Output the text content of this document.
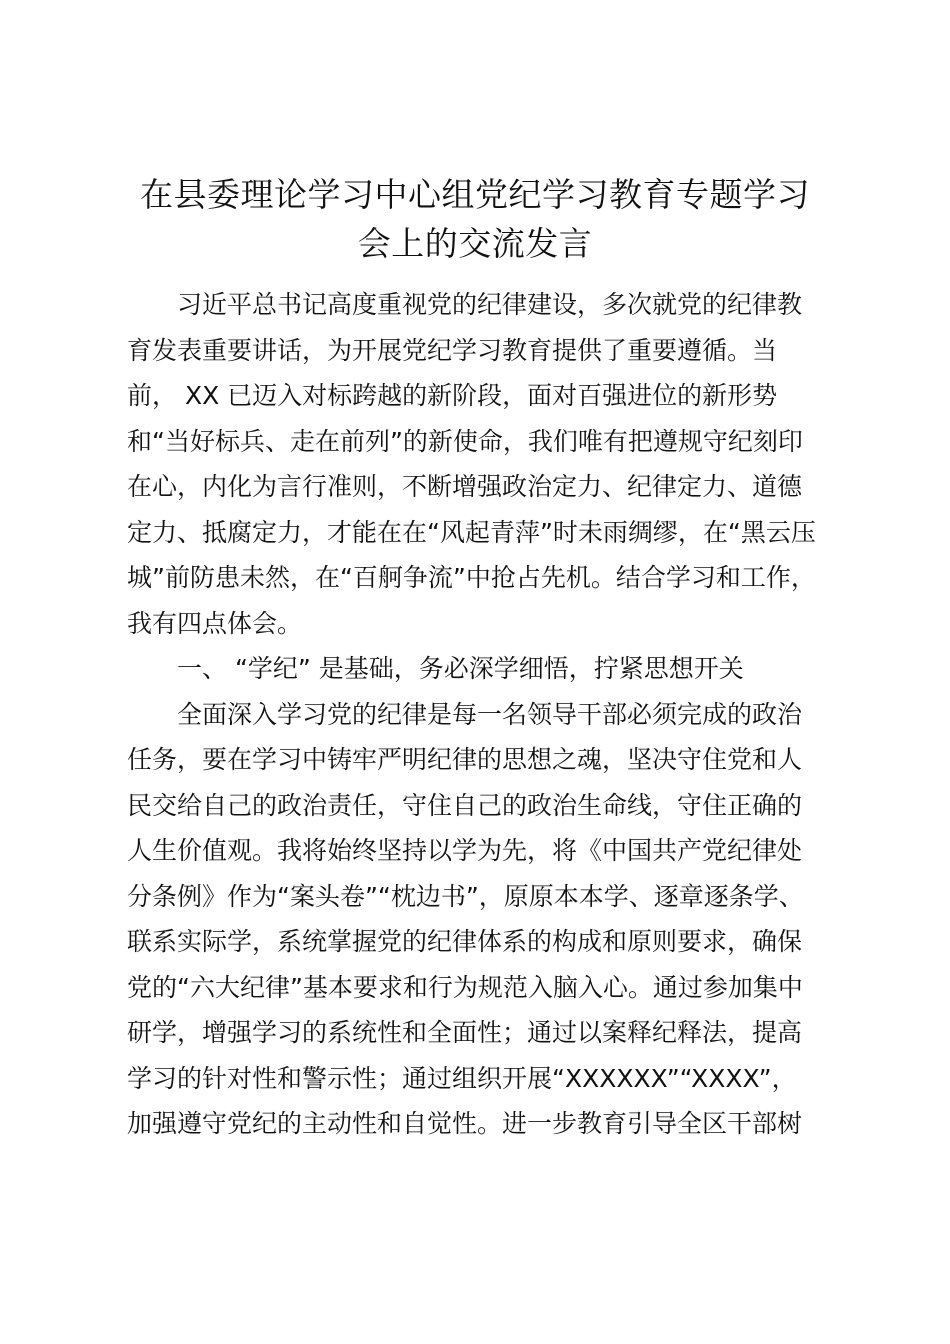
在县委理论学习中心组党纪学习教育专题学习
会上的交流发言
习近平总书记高度重视党的纪律建设，多次就党的纪律教
育发表重要讲话，为开展党纪学习教育提供了重要遵循。当
前， XX 已迈入对标跨越的新阶段，面对百强进位的新形势
和“当好标兵、走在前列”的新使命，我们唯有把遵规守纪刻印
在心，内化为言行准则，不断增强政治定力、纪律定力、道德
定力、抵腐定力，才能在在“风起青萍”时未雨绸缪，在“黑云压
城”前防患未然，在“百舸争流”中抢占先机。结合学习和工作，
我有四点体会。
一、 “学纪” 是基础，务必深学细悟，拧紧思想开关
全面深入学习党的纪律是每一名领导干部必须完成的政治
任务，要在学习中铸牢严明纪律的思想之魂，坚决守住党和人
民交给自己的政治责任，守住自己的政治生命线，守住正确的
人生价值观。我将始终坚持以学为先，将《中国共产党纪律处
分条例》作为“案头卷”“枕边书”，原原本本学、逐章逐条学、
联系实际学，系统掌握党的纪律体系的构成和原则要求，确保
党的“六大纪律”基本要求和行为规范入脑入心。通过参加集中
研学，增强学习的系统性和全面性；通过以案释纪释法，提高
学习的针对性和警示性；通过组织开展“XXXXXX”“XXXX”，
加强遵守党纪的主动性和自觉性。进一步教育引导全区干部树
